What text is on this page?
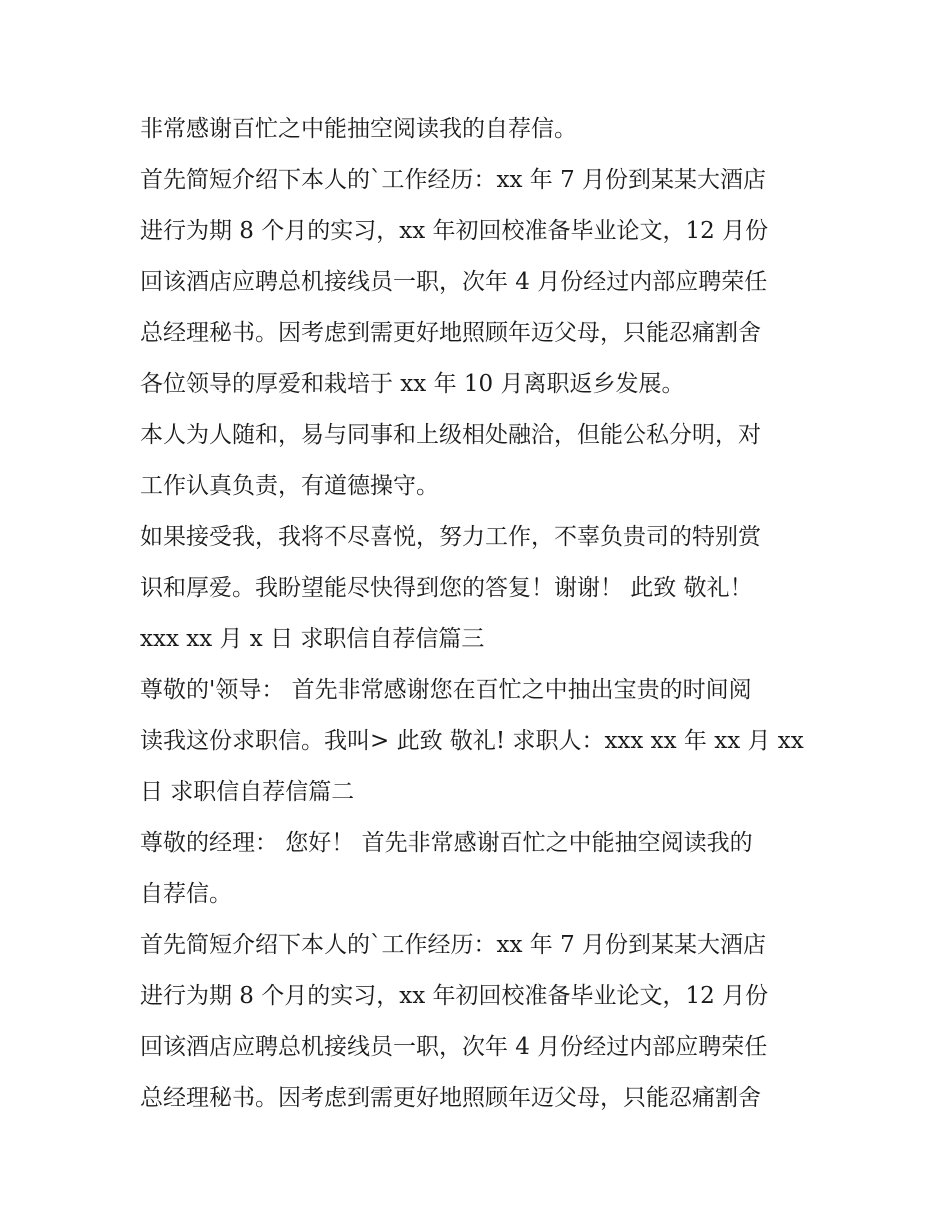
非常感谢百忙之中能抽空阅读我的自荐信。
首先简短介绍下本人的`工作经历：xx 年 7 月份到某某大酒店
进行为期 8 个月的实习，xx 年初回校准备毕业论文，12 月份
回该酒店应聘总机接线员一职，次年 4 月份经过内部应聘荣任
总经理秘书。因考虑到需更好地照顾年迈父母，只能忍痛割舍
各位领导的厚爱和栽培于 xx 年 10 月离职返乡发展。
本人为人随和，易与同事和上级相处融洽，但能公私分明，对
工作认真负责，有道德操守。
如果接受我，我将不尽喜悦，努力工作，不辜负贵司的特别赏
识和厚爱。我盼望能尽快得到您的答复！谢谢！ 此致 敬礼！
xxx xx 月 x 日 求职信自荐信篇三
尊敬的'领导： 首先非常感谢您在百忙之中抽出宝贵的时间阅
读我这份求职信。我叫> 此致 敬礼! 求职人：xxx xx 年 xx 月 xx
日 求职信自荐信篇二
尊敬的经理： 您好！ 首先非常感谢百忙之中能抽空阅读我的
自荐信。
首先简短介绍下本人的`工作经历：xx 年 7 月份到某某大酒店
进行为期 8 个月的实习，xx 年初回校准备毕业论文，12 月份
回该酒店应聘总机接线员一职，次年 4 月份经过内部应聘荣任
总经理秘书。因考虑到需更好地照顾年迈父母，只能忍痛割舍
